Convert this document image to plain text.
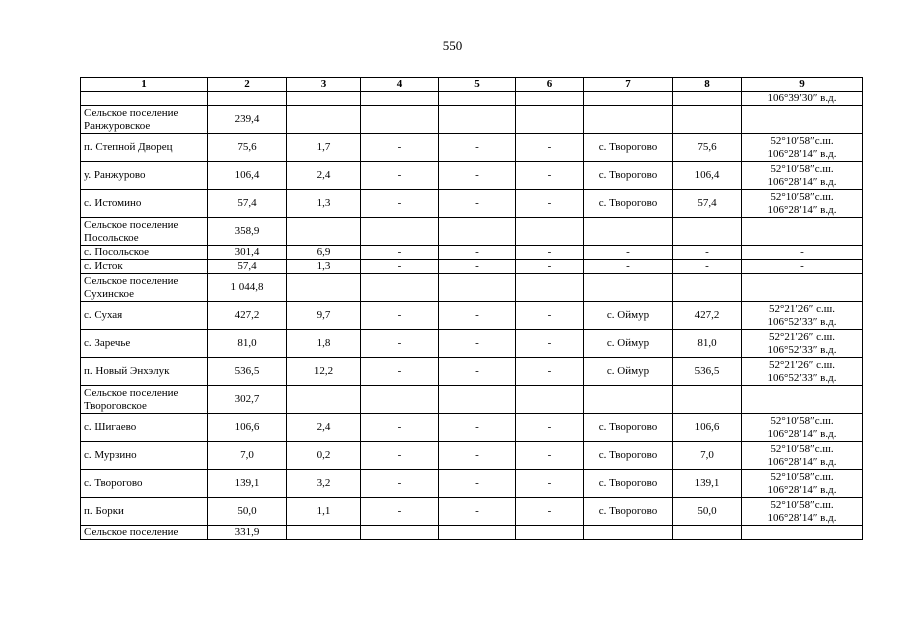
550
1	2	3	4	5	6	7	8	9

								106°39′30″ в.д.

Сельское поселение Ранжуровское	239,4							
п. Степной Дворец	75,6	1,7	-	-	-	с. Творогово	75,6	52°10′58″с.ш.
106°28′14″ в.д.

у. Ранжурово	106,4	2,4	-	-	-	с. Творогово	106,4	52°10′58″с.ш.
106°28′14″ в.д.

с. Истомино	57,4	1,3	-	-	-	с. Творогово	57,4	52°10′58″с.ш.
106°28′14″ в.д.

Сельское поселение Посольское	358,9							
с. Посольское	301,4	6,9	-	-	-	-	-	-
с. Исток	57,4	1,3	-	-	-	-	-	-
Сельское поселение Сухинское	1 044,8							
с. Сухая	427,2	9,7	-	-	-	с. Оймур	427,2	52°21′26″ с.ш.
106°52′33″ в.д.

с. Заречье	81,0	1,8	-	-	-	с. Оймур	81,0	52°21′26″ с.ш.
106°52′33″ в.д.

п. Новый Энхэлук	536,5	12,2	-	-	-	с. Оймур	536,5	52°21′26″ с.ш.
106°52′33″ в.д.

Сельское поселение Твороговское	302,7							
с. Шигаево	106,6	2,4	-	-	-	с. Творогово	106,6	52°10′58″с.ш.
106°28′14″ в.д.

с. Мурзино	7,0	0,2	-	-	-	с. Творогово	7,0	52°10′58″с.ш.
106°28′14″ в.д.

с. Творогово	139,1	3,2	-	-	-	с. Творогово	139,1	52°10′58″с.ш.
106°28′14″ в.д.

п. Борки	50,0	1,1	-	-	-	с. Творогово	50,0	52°10′58″с.ш.
106°28′14″ в.д.

Сельское поселение	331,9							
